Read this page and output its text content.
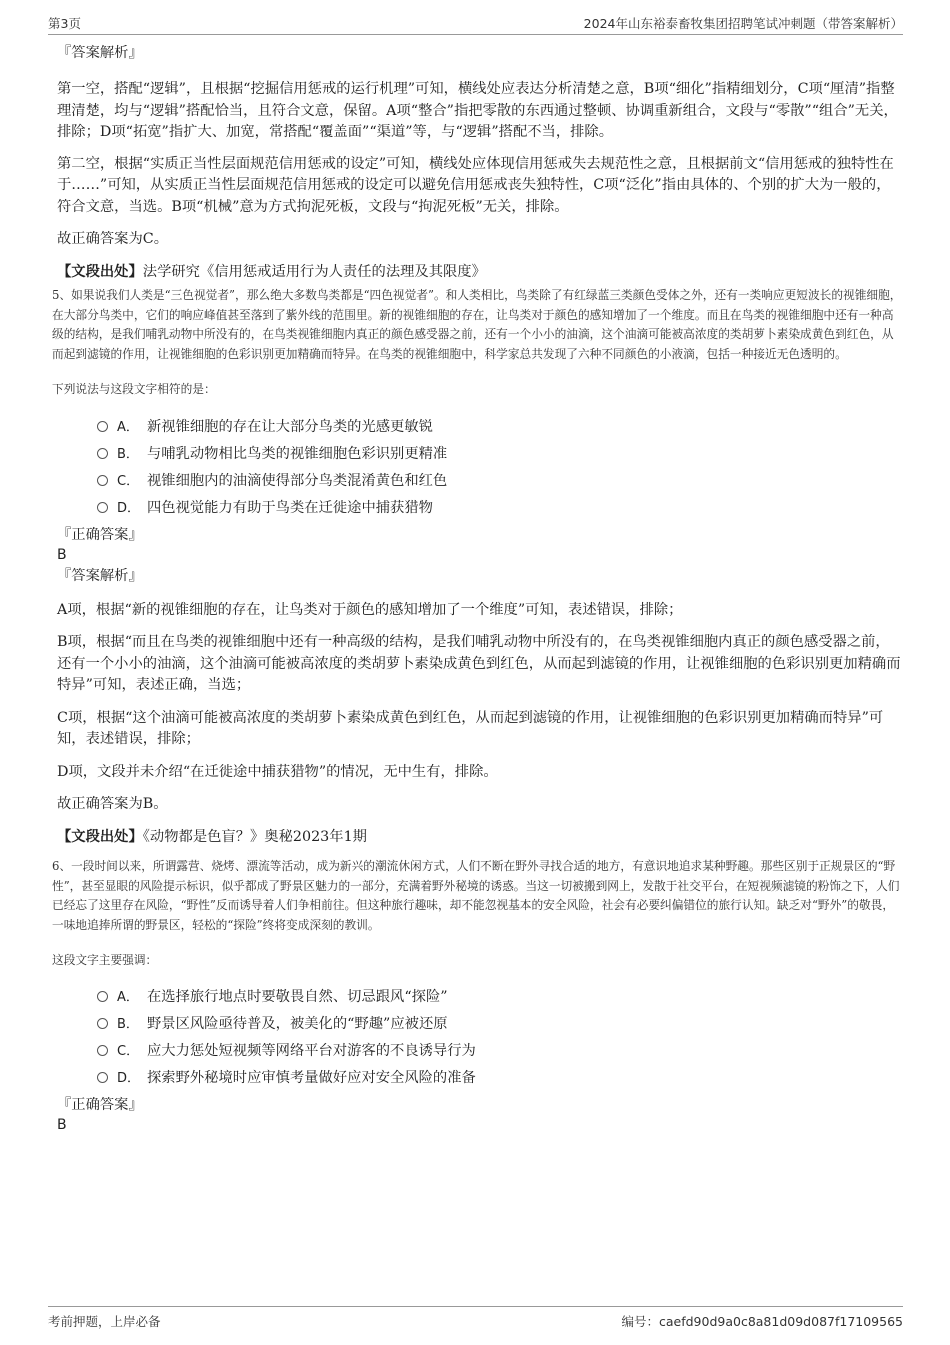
第3页	2024年山东裕泰畜牧集团招聘笔试冲刺题（带答案解析）

『答案解析』

第一空，搭配“逻辑”，且根据“挖掘信用惩戒的运行机理”可知，横线处应表达分析清楚之意，B项“细化”指精细划分，C项“厘清”指整理清楚，均与“逻辑”搭配恰当，且符合文意，保留。A项“整合”指把零散的东西通过整顿、协调重新组合，文段与“零散”“组合”无关，排除；D项“拓宽”指扩大、加宽，常搭配“覆盖面”“渠道”等，与“逻辑”搭配不当，排除。

第二空，根据“实质正当性层面规范信用惩戒的设定”可知，横线处应体现信用惩戒失去规范性之意，且根据前文“信用惩戒的独特性在于……”可知，从实质正当性层面规范信用惩戒的设定可以避免信用惩戒丧失独特性，C项“泛化”指由具体的、个别的扩大为一般的，符合文意，当选。B项“机械”意为方式拘泥死板，文段与“拘泥死板”无关，排除。

故正确答案为C。

【文段出处】法学研究《信用惩戒适用行为人责任的法理及其限度》

5、如果说我们人类是“三色视觉者”，那么绝大多数鸟类都是“四色视觉者”。和人类相比，鸟类除了有红绿蓝三类颜色受体之外，还有一类响应更短波长的视锥细胞，在大部分鸟类中，它们的响应峰值甚至落到了紫外线的范围里。新的视锥细胞的存在，让鸟类对于颜色的感知增加了一个维度。而且在鸟类的视锥细胞中还有一种高级的结构，是我们哺乳动物中所没有的，在鸟类视锥细胞内真正的颜色感受器之前，还有一个小小的油滴，这个油滴可能被高浓度的类胡萝卜素染成黄色到红色，从而起到滤镜的作用，让视锥细胞的色彩识别更加精确而特异。在鸟类的视锥细胞中，科学家总共发现了六种不同颜色的小液滴，包括一种接近无色透明的。

下列说法与这段文字相符的是：

A． 新视锥细胞的存在让大部分鸟类的光感更敏锐

B． 与哺乳动物相比鸟类的视锥细胞色彩识别更精准

C． 视锥细胞内的油滴使得部分鸟类混淆黄色和红色

D． 四色视觉能力有助于鸟类在迁徙途中捕获猎物

『正确答案』

B

『答案解析』

A项，根据“新的视锥细胞的存在，让鸟类对于颜色的感知增加了一个维度”可知，表述错误，排除；

B项，根据“而且在鸟类的视锥细胞中还有一种高级的结构，是我们哺乳动物中所没有的，在鸟类视锥细胞内真正的颜色感受器之前，还有一个小小的油滴，这个油滴可能被高浓度的类胡萝卜素染成黄色到红色，从而起到滤镜的作用，让视锥细胞的色彩识别更加精确而特异”可知，表述正确，当选；

C项，根据“这个油滴可能被高浓度的类胡萝卜素染成黄色到红色，从而起到滤镜的作用，让视锥细胞的色彩识别更加精确而特异”可知，表述错误，排除；

D项，文段并未介绍“在迁徙途中捕获猎物”的情况，无中生有，排除。

故正确答案为B。

【文段出处】《动物都是色盲？》奥秘2023年1期

6、一段时间以来，所谓露营、烧烤、漂流等活动，成为新兴的潮流休闲方式，人们不断在野外寻找合适的地方，有意识地追求某种野趣。那些区别于正规景区的“野性”，甚至显眼的风险提示标识，似乎都成了野景区魅力的一部分，充满着野外秘境的诱惑。当这一切被搬到网上，发散于社交平台，在短视频滤镜的粉饰之下，人们已经忘了这里存在风险，“野性”反而诱导着人们争相前往。但这种旅行趣味，却不能忽视基本的安全风险，社会有必要纠偏错位的旅行认知。缺乏对“野外”的敬畏，一味地追捧所谓的野景区，轻松的“探险”终将变成深刻的教训。

这段文字主要强调：

A． 在选择旅行地点时要敬畏自然、切忌跟风“探险”

B． 野景区风险亟待普及，被美化的“野趣”应被还原

C． 应大力惩处短视频等网络平台对游客的不良诱导行为

D． 探索野外秘境时应审慎考量做好应对安全风险的准备

『正确答案』

B

考前押题，上岸必备	编号：caefd90d9a0c8a81d09d087f17109565
